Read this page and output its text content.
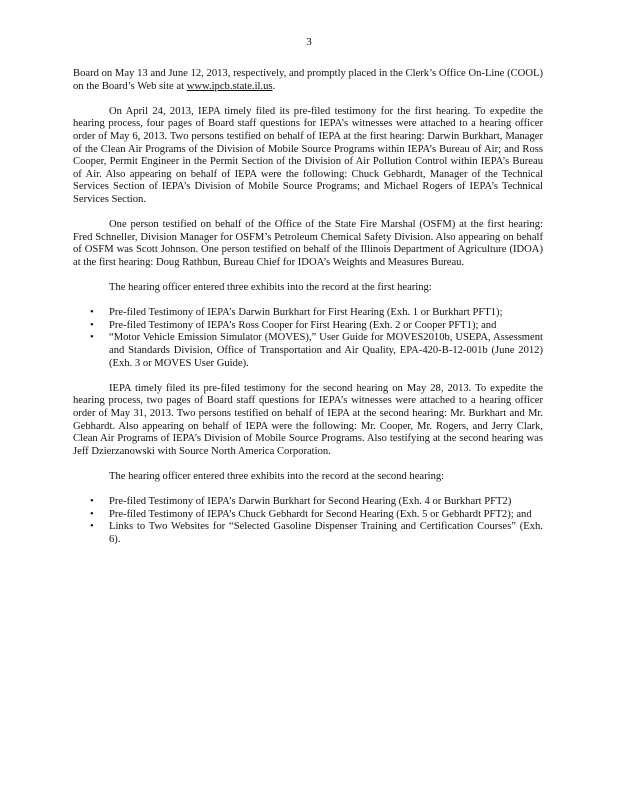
3

Board on May 13 and June 12, 2013, respectively, and promptly placed in the Clerk’s Office On-Line (COOL) on the Board’s Web site at www.ipcb.state.il.us.

On April 24, 2013, IEPA timely filed its pre-filed testimony for the first hearing. To expedite the hearing process, four pages of Board staff questions for IEPA’s witnesses were attached to a hearing officer order of May 6, 2013. Two persons testified on behalf of IEPA at the first hearing: Darwin Burkhart, Manager of the Clean Air Programs of the Division of Mobile Source Programs within IEPA’s Bureau of Air; and Ross Cooper, Permit Engineer in the Permit Section of the Division of Air Pollution Control within IEPA’s Bureau of Air. Also appearing on behalf of IEPA were the following: Chuck Gebhardt, Manager of the Technical Services Section of IEPA’s Division of Mobile Source Programs; and Michael Rogers of IEPA’s Technical Services Section.

One person testified on behalf of the Office of the State Fire Marshal (OSFM) at the first hearing: Fred Schneller, Division Manager for OSFM’s Petroleum Chemical Safety Division. Also appearing on behalf of OSFM was Scott Johnson. One person testified on behalf of the Illinois Department of Agriculture (IDOA) at the first hearing: Doug Rathbun, Bureau Chief for IDOA’s Weights and Measures Bureau.

The hearing officer entered three exhibits into the record at the first hearing:

• Pre-filed Testimony of IEPA’s Darwin Burkhart for First Hearing (Exh. 1 or Burkhart PFT1);
• Pre-filed Testimony of IEPA’s Ross Cooper for First Hearing (Exh. 2 or Cooper PFT1); and
• “Motor Vehicle Emission Simulator (MOVES),” User Guide for MOVES2010b, USEPA, Assessment and Standards Division, Office of Transportation and Air Quality, EPA-420-B-12-001b (June 2012) (Exh. 3 or MOVES User Guide).

IEPA timely filed its pre-filed testimony for the second hearing on May 28, 2013. To expedite the hearing process, two pages of Board staff questions for IEPA’s witnesses were attached to a hearing officer order of May 31, 2013. Two persons testified on behalf of IEPA at the second hearing: Mr. Burkhart and Mr. Gebhardt. Also appearing on behalf of IEPA were the following: Mr. Cooper, Mr. Rogers, and Jerry Clark, Clean Air Programs of IEPA’s Division of Mobile Source Programs. Also testifying at the second hearing was Jeff Dzierzanowski with Source North America Corporation.

The hearing officer entered three exhibits into the record at the second hearing:

• Pre-filed Testimony of IEPA’s Darwin Burkhart for Second Hearing (Exh. 4 or Burkhart PFT2)
• Pre-filed Testimony of IEPA’s Chuck Gebhardt for Second Hearing (Exh. 5 or Gebhardt PFT2); and
• Links to Two Websites for “Selected Gasoline Dispenser Training and Certification Courses” (Exh. 6).
